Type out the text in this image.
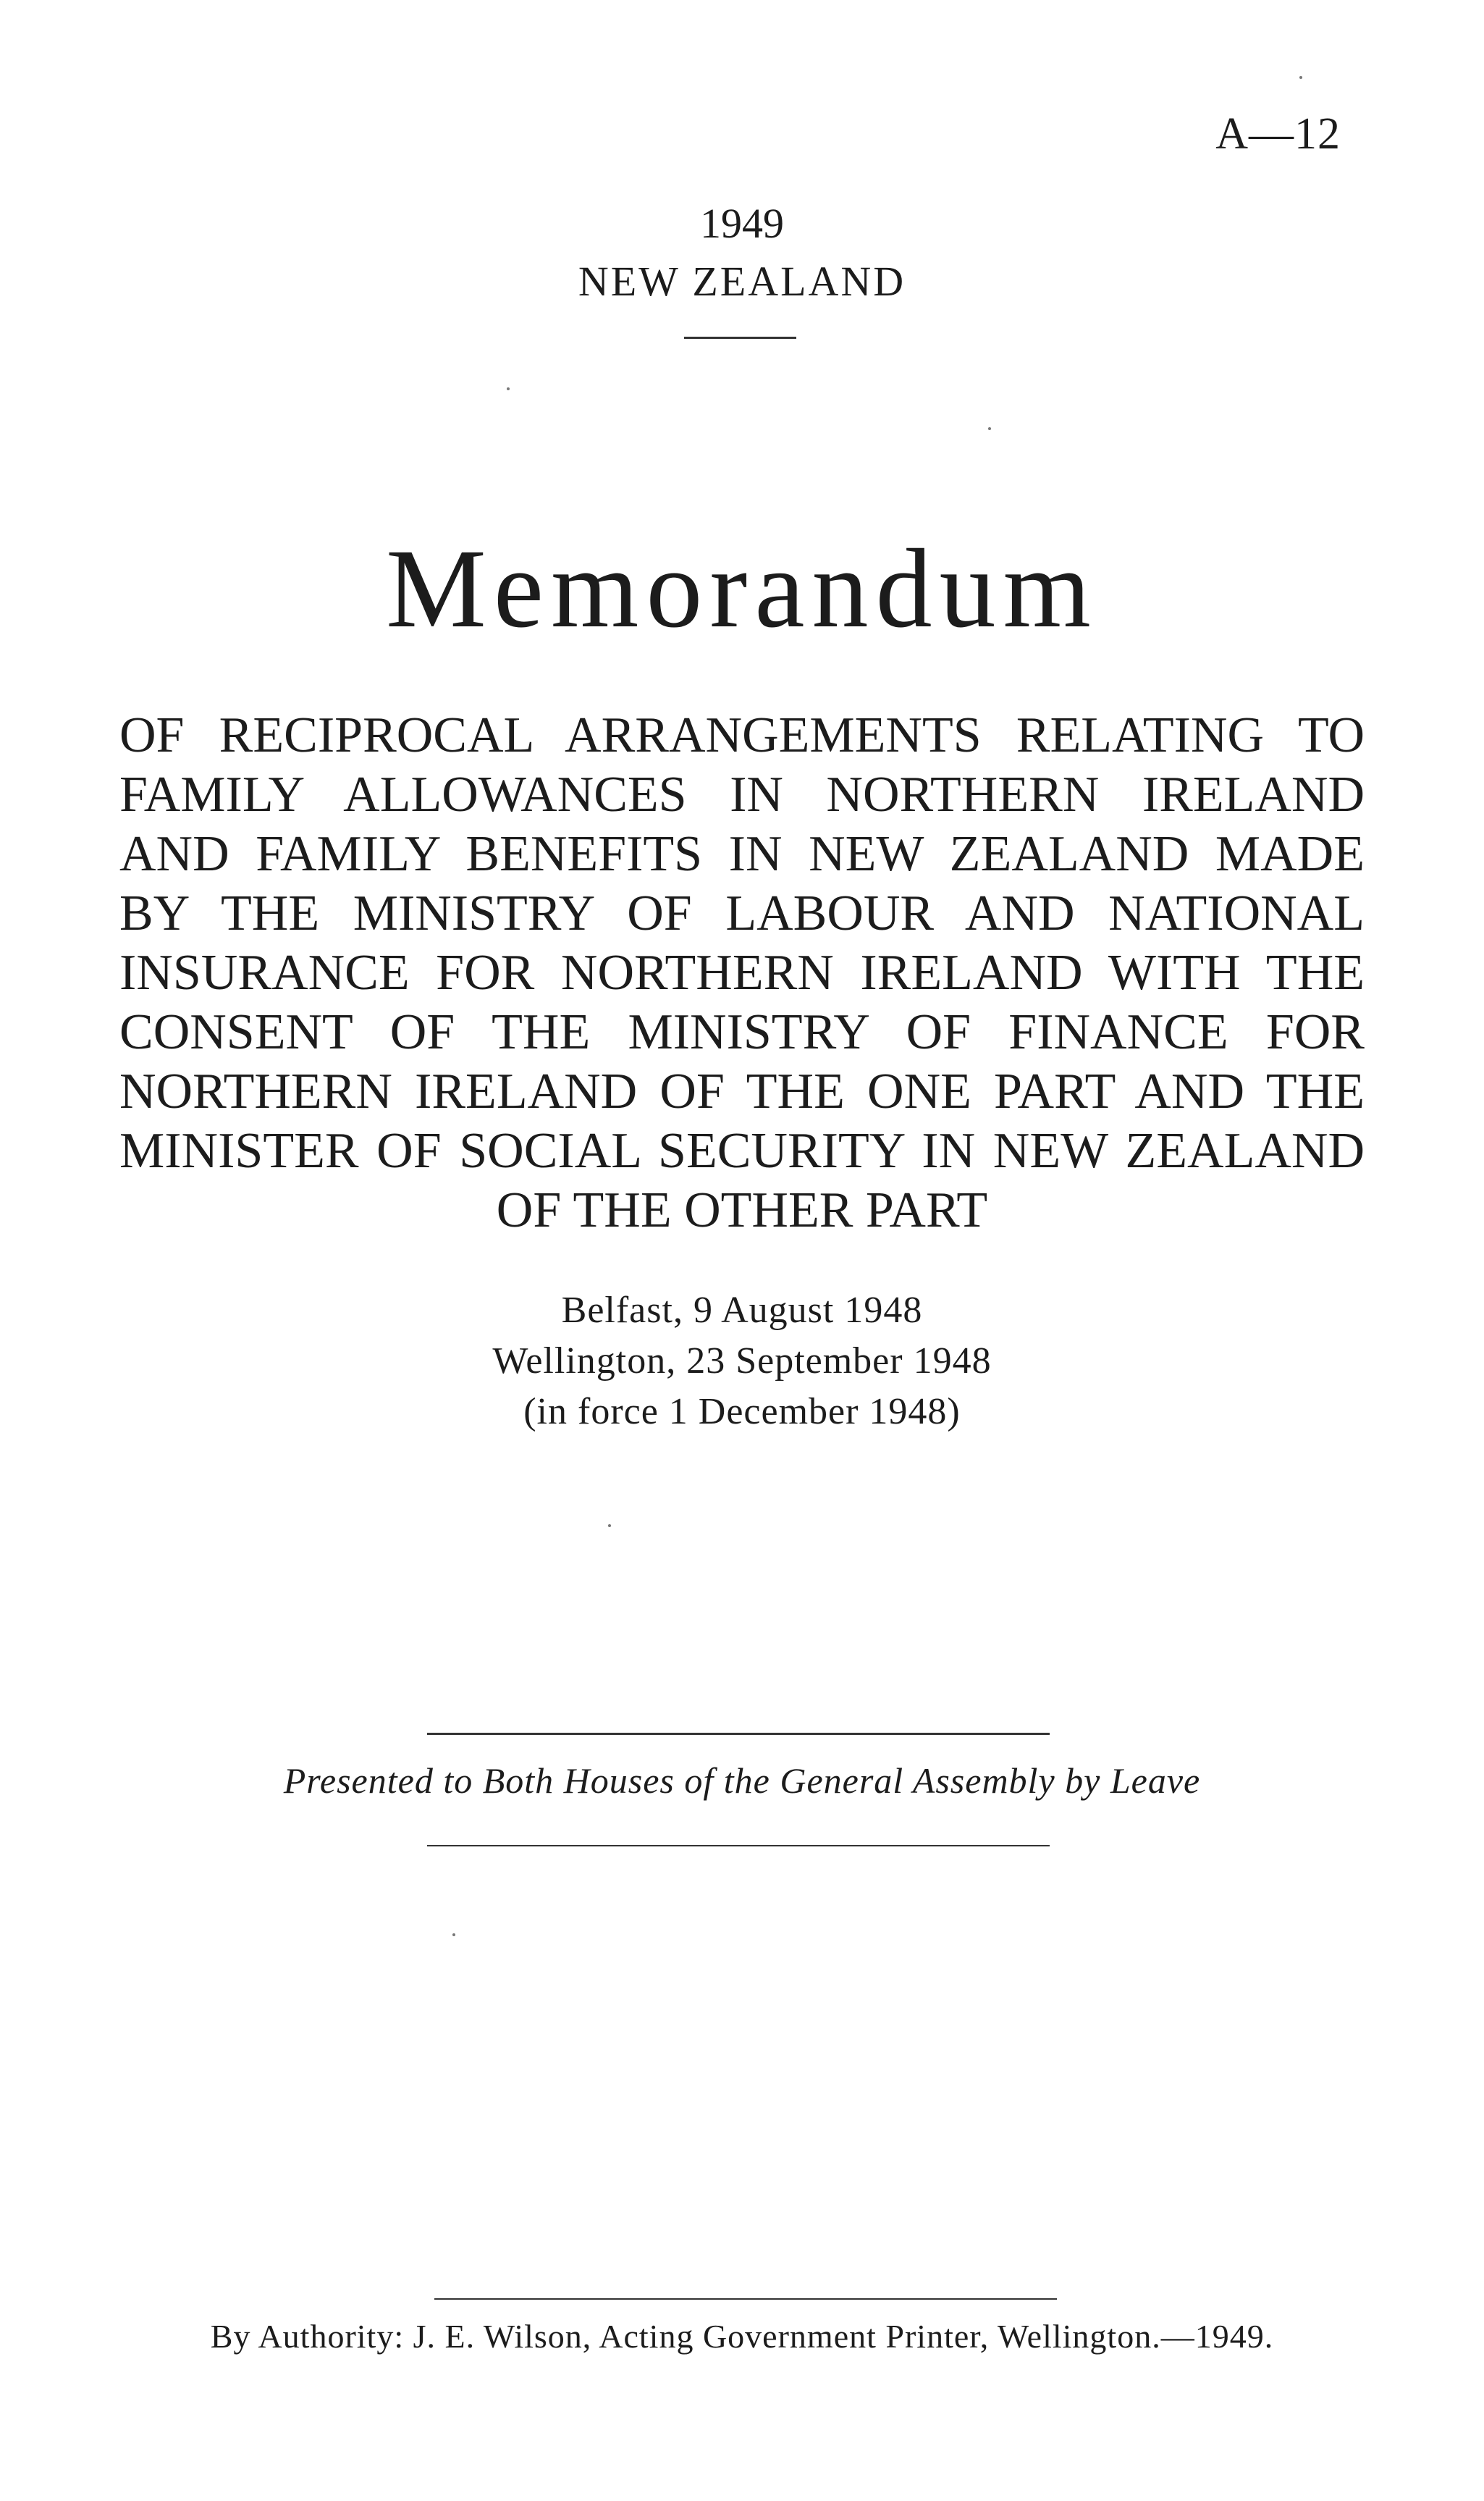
A—12
1949
NEW ZEALAND
Memorandum
OF RECIPROCAL ARRANGEMENTS RELATING TO
FAMILY ALLOWANCES IN NORTHERN IRELAND
AND FAMILY BENEFITS IN NEW ZEALAND MADE
BY THE MINISTRY OF LABOUR AND NATIONAL
INSURANCE FOR NORTHERN IRELAND WITH THE
CONSENT OF THE MINISTRY OF FINANCE FOR
NORTHERN IRELAND OF THE ONE PART AND THE
MINISTER OF SOCIAL SECURITY IN NEW ZEALAND
OF THE OTHER PART
Belfast, 9 August 1948
Wellington, 23 September 1948
(in force 1 December 1948)
Presented to Both Houses of the General Assembly by Leave
By Authority: J. E. Wilson, Acting Government Printer, Wellington.—1949.
